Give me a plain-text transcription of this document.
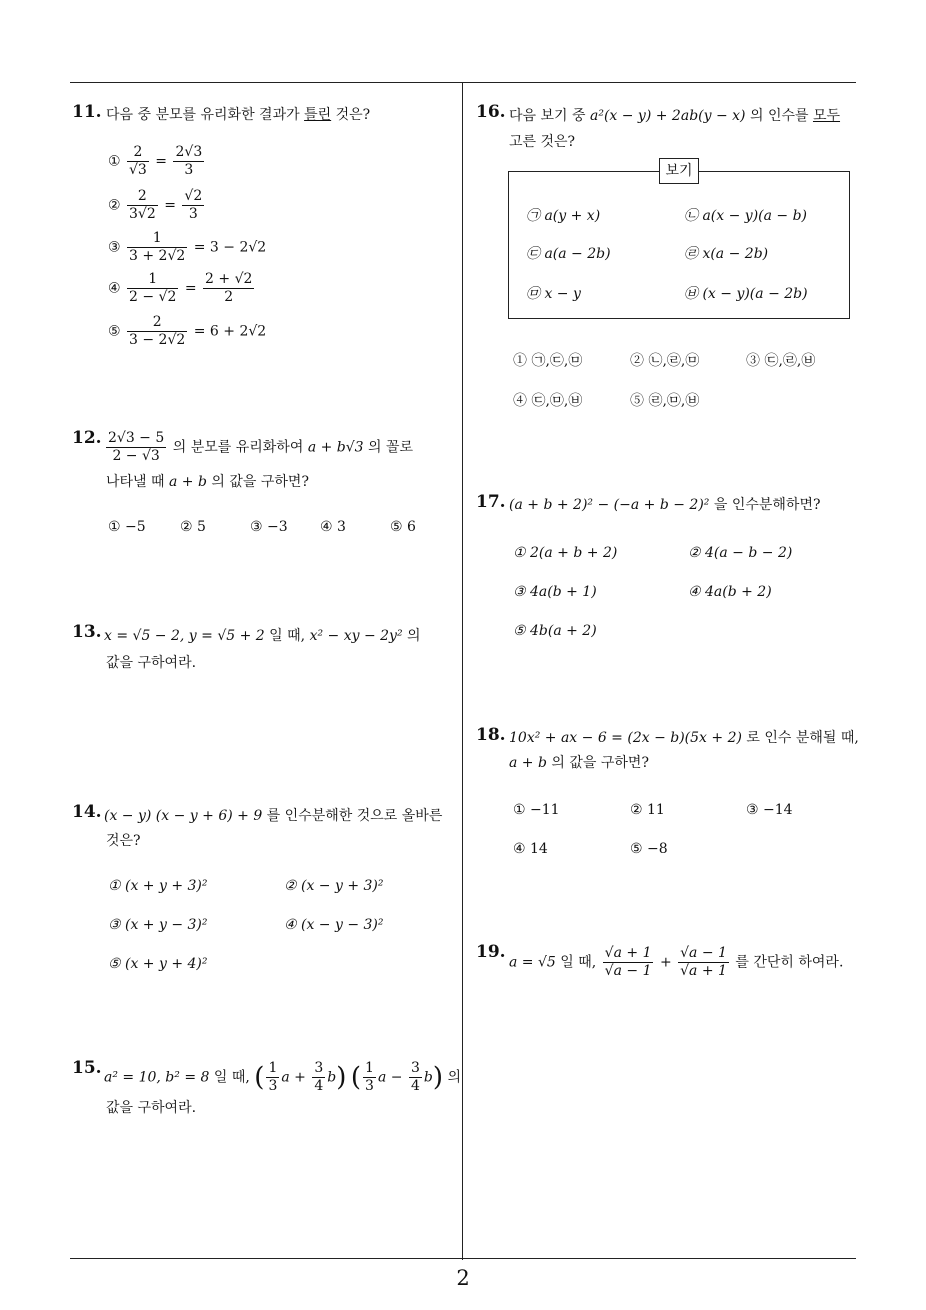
2
11. 다음 중 분모를 유리화한 결과가 틀린 것은?
① $\frac{2}{√3} = \frac{2√3}{3}$
② $\frac{2}{3√2} = \frac{√2}{3}$
③ $\frac{1}{3 + 2√2} = 3 - 2√2$
④ $\frac{1}{2 - √2} = \frac{2 + √2}{2}$
⑤ $\frac{2}{3 - 2√2} = 6 + 2√2$
12. $\frac{2√3 - 5}{2 - √3}$ 의 분모를 유리화하여 a + b√3 의 꼴로
나타낼 때 a + b 의 값을 구하면?
① −5 ② 5	③ −3 ④ 3	⑤ 6
13. x = √5 − 2, y = √5 + 2 일 때, x² − xy − 2y² 의
값을 구하여라.
14. (x − y) (x − y + 6) + 9 를 인수분해한 것으로 올바른
것은?
① (x + y + 3)²	② (x − y + 3)²
③ (x + y − 3)²	④ (x − y − 3)²
⑤ (x + y + 4)²
15. a² = 10, b² = 8 일 때, ( $\frac{1}{3}$ $a + \frac{3}{4} b$) ( $\frac{1}{3}$ $a - \frac{3}{4} b$) 의
값을 구하여라.
16. 다음 보기 중 a²(x − y) + 2ab(y − x) 의 인수를 모두
고른 것은?
보기
㉠ a(y + x)	㉡ a(x − y)(a − b)
㉢ a(a − 2b)	㉣ x(a − 2b)
㉤ x − y	㉥ (x − y)(a − 2b)
① ㉠,㉢,㉤	② ㉡,㉣,㉤	③ ㉢,㉣,㉥
④ ㉢,㉤,㉥	⑤ ㉣,㉤,㉥
17. (a + b + 2)² − (−a + b − 2)² 을 인수분해하면?
① 2(a + b + 2)	② 4(a − b − 2)
③ 4a(b + 1)	④ 4a(b + 2)
⑤ 4b(a + 2)
18. 10x² + ax − 6 = (2x − b)(5x + 2) 로 인수 분해될 때,
a + b 의 값을 구하면?
① −11	② 11	③ −14
④ 14	⑤ −8
19.
a = √5 일 때, $\frac{√a + 1}{√a - 1} + \frac{√a - 1}{√a + 1}$ 를 간단히 하여라.
